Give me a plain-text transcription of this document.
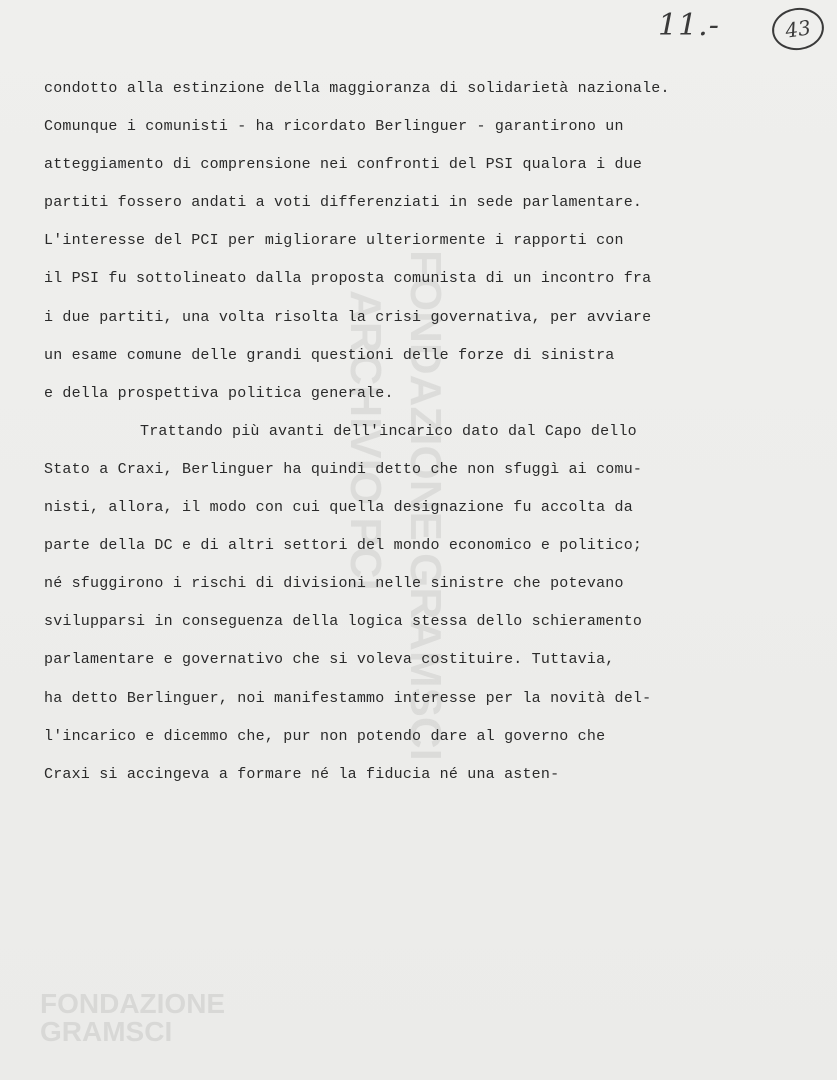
FONDAZIONE GRAMSCI
ARCHIVIO PCI
11.-	43
condotto alla estinzione della maggioranza di solidarietà nazionale.
Comunque i comunisti - ha ricordato Berlinguer - garantirono un
atteggiamento di comprensione nei confronti del PSI qualora i due
partiti fossero andati a voti differenziati in sede parlamentare.
L'interesse del PCI per migliorare ulteriormente i rapporti con
il PSI fu sottolineato dalla proposta comunista di un incontro fra
i due partiti, una volta risolta la crisi governativa, per avviare
un esame comune delle grandi questioni delle forze di sinistra
e della prospettiva politica generale.
Trattando più avanti dell'incarico dato dal Capo dello
Stato a Craxi, Berlinguer ha quindi detto che non sfuggì ai comu-
nisti, allora, il modo con cui quella designazione fu accolta da
parte della DC e di altri settori del mondo economico e politico;
né sfuggirono i rischi di divisioni nelle sinistre che potevano
svilupparsi in conseguenza della logica stessa dello schieramento
parlamentare e governativo che si voleva costituire. Tuttavia,
ha detto Berlinguer, noi manifestammo interesse per la novità del-
l'incarico e dicemmo che, pur non potendo dare al governo che
Craxi si accingeva a formare né la fiducia né una asten-
FONDAZIONE
GRAMSCI
